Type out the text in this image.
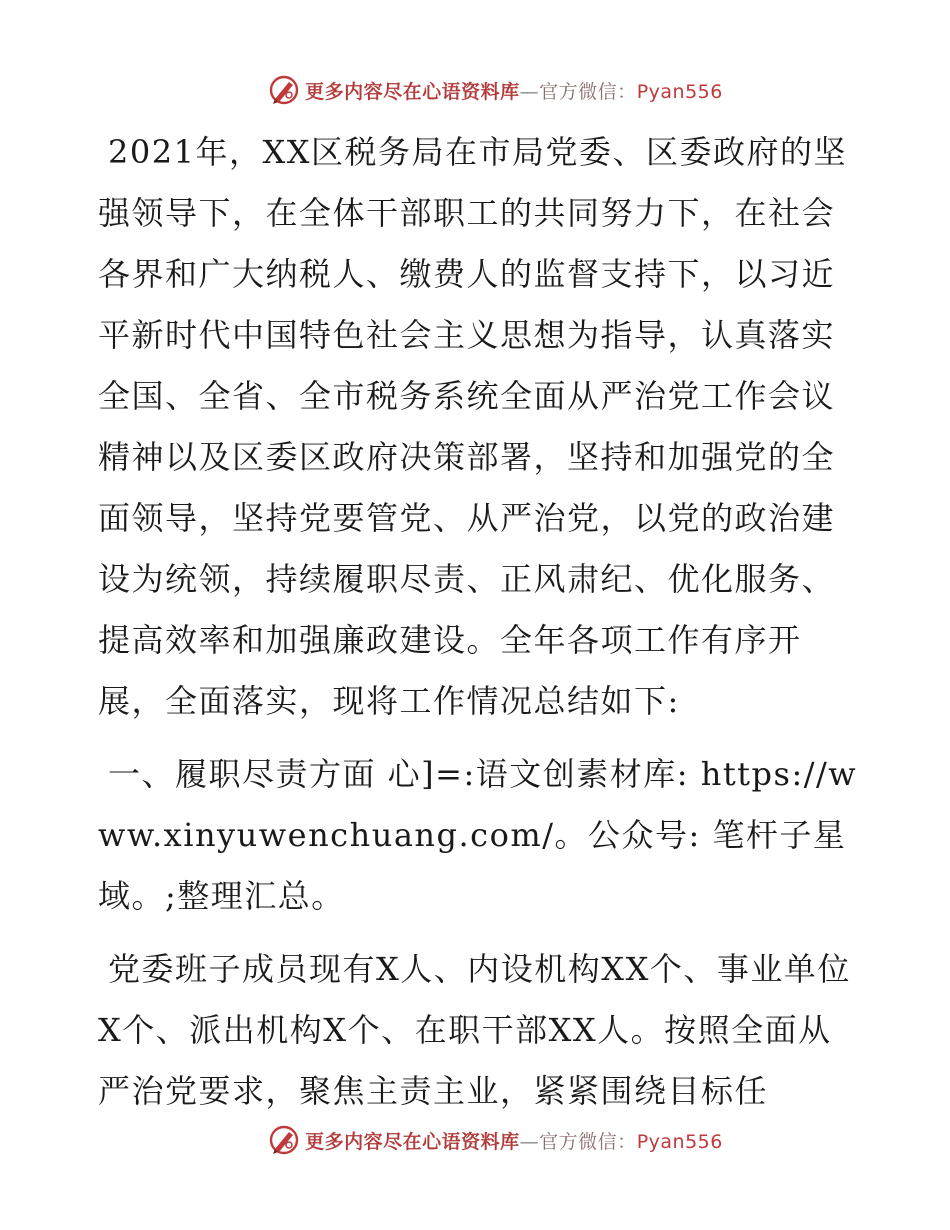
更多内容尽在心语资料库—官方微信：Pyan556

2021年，XX区税务局在市局党委、区委政府的坚强领导下，在全体干部职工的共同努力下，在社会各界和广大纳税人、缴费人的监督支持下，以习近平新时代中国特色社会主义思想为指导，认真落实全国、全省、全市税务系统全面从严治党工作会议精神以及区委区政府决策部署，坚持和加强党的全面领导，坚持党要管党、从严治党，以党的政治建设为统领，持续履职尽责、正风肃纪、优化服务、提高效率和加强廉政建设。全年各项工作有序开展，全面落实，现将工作情况总结如下:

一、履职尽责方面 心]=:语文创素材库: https://www.xinyuwenchuang.com/。公众号: 笔杆子星域。;整理汇总。

党委班子成员现有X人、内设机构XX个、事业单位X个、派出机构X个、在职干部XX人。按照全面从严治党要求，聚焦主责主业，紧紧围绕目标任

更多内容尽在心语资料库—官方微信：Pyan556
